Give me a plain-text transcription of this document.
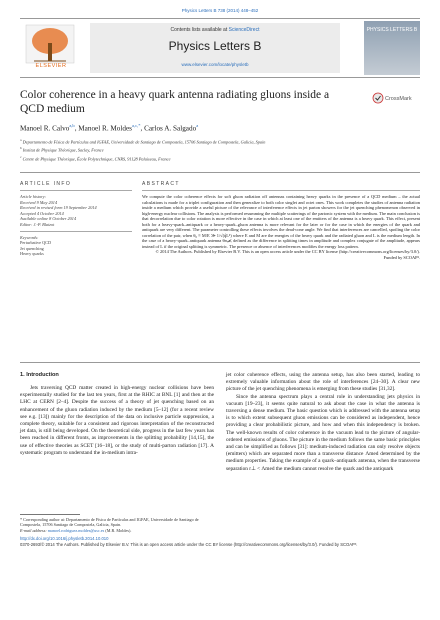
Physics Letters B 738 (2014) 448–452
ELSEVIER
Contents lists available at ScienceDirect
Physics Letters B
www.elsevier.com/locate/physletb
PHYSICS LETTERS B
Color coherence in a heavy quark antenna radiating gluons inside a QCD medium
CrossMark
Manoel R. Calvo$^{a,b}$, Manoel R. Moldes$^{a,c,*}$, Carlos A. Salgado$^a$
$^a$ Departamento de Física de Partículas and IGFAE, Universidade de Santiago de Compostela, 15706 Santiago de Compostela, Galicia, Spain
$^b$ Institut de Physique Théorique, Saclay, France
$^c$ Centre de Physique Théorique, École Polytechnique, CNRS, 91128 Palaiseau, France
ARTICLE INFO
Article history:
Received 9 May 2014
Received in revised form 19 September 2014
Accepted 4 October 2014
Available online 8 October 2014
Editor: J.-P. Blaizot
Keywords:
Perturbative QCD
Jet quenching
Heavy quarks
ABSTRACT
We compute the color coherence effects for soft gluon radiation off antennas containing heavy quarks in the presence of a QCD medium – the actual calculations is made for a triplet configuration and then generalize to both color singlet and octet ones. This work completes the studies of antenna radiation inside a medium which provide a useful picture of the relevance of interference effects in jet parton showers for the jet quenching phenomenon observed in high-energy nuclear collisions. The analysis is performed resumming the multiple scatterings of the partonic system with the medium. The main conclusion is that decorrelation due to color rotation is more effective in the case in which at least one of the emitters of the antenna is a heavy quark. This effect, present both for a heavy-quark–antiquark or a heavy-quark–gluon antenna is more relevant for the later or for the case in which the energies of the quark and antiquark are very different. The parameter controlling these effects involves the dead-cone angle. We find that interferences are cancelled, spoiling the color correlation of the pair, when θ₀ ≡ M/E ≫ 1/√(q̂L³) where E and M are the energies of the heavy quark and the radiated gluon and L is the medium length. In the case of a heavy-quark–antiquark antenna θₘₑ𝒹, defined as the difference in splitting times in amplitude and complex conjugate of the amplitude, appears instead of L if the original splitting is symmetric. The presence or absence of interferences modifies the energy loss pattern.
© 2014 The Authors. Published by Elsevier B.V. This is an open access article under the CC BY license (http://creativecommons.org/licenses/by/3.0/). Funded by SCOAP³.
1. Introduction

Jets traversing QCD matter created in high-energy nuclear collisions have been experimentally studied for the last ten years, first at the RHIC at BNL [1] and then at the LHC at CERN [2–4]. Despite the success of a theory of jet quenching based on an enhancement of the gluon radiation induced by the medium [5–12] (for a recent review see e.g. [13]) mainly for the description of the data on inclusive particle suppression, a complete theory, suitable for a consistent and rigorous interpretation of the reconstructed jet data, is still being developed. On the theoretical side, progress in the last few years has been reached in different fronts, as improvements in the splitting probability [14,15], the use of effective theories as SCET [16–18], or the study of multi-parton radiation [17]. A systematic program to understand the in-medium intra-

jet color coherence effects, using the antenna setup, has also been started, leading to extremely valuable information about the role of interferences [24–30]. A clear new picture of the jet quenching phenomena is emerging from these studies [31,32].

Since the antenna spectrum plays a central role in understanding jets physics in vacuum [19–23], it seems quite natural to ask about the case in what the antenna is traversing a dense medium. The basic question which is addressed with the antenna setup is to which extent subsequent gluon emissions can be considered as independent, hence providing a clear probabilistic picture, and how and when this independency is broken. The well-known results of color coherence in the vacuum lead to the picture of angular-ordered emissions of gluons. The picture in the medium follows the same basic principles and can be simplified as follows [31]: medium-induced radiation can only resolve objects (emitters) which are separated more than a transverse distance Λmed determined by the medium properties. Taking the example of a quark–antiquark antenna, when the transverse separation r⊥ < Λmed the medium cannot resolve the quark and the antiquark

* Corresponding author at: Departamento de Física de Partículas and IGFAE, Universidade de Santiago de Compostela, 15706 Santiago de Compostela, Galicia, Spain.
E-mail address: manoel.rodriguez.moldes@usc.es (M.R. Moldes).
http://dx.doi.org/10.1016/j.physletb.2014.10.010
0370-2693/© 2014 The Authors. Published by Elsevier B.V. This is an open access article under the CC BY license (http://creativecommons.org/licenses/by/3.0/). Funded by SCOAP³.
